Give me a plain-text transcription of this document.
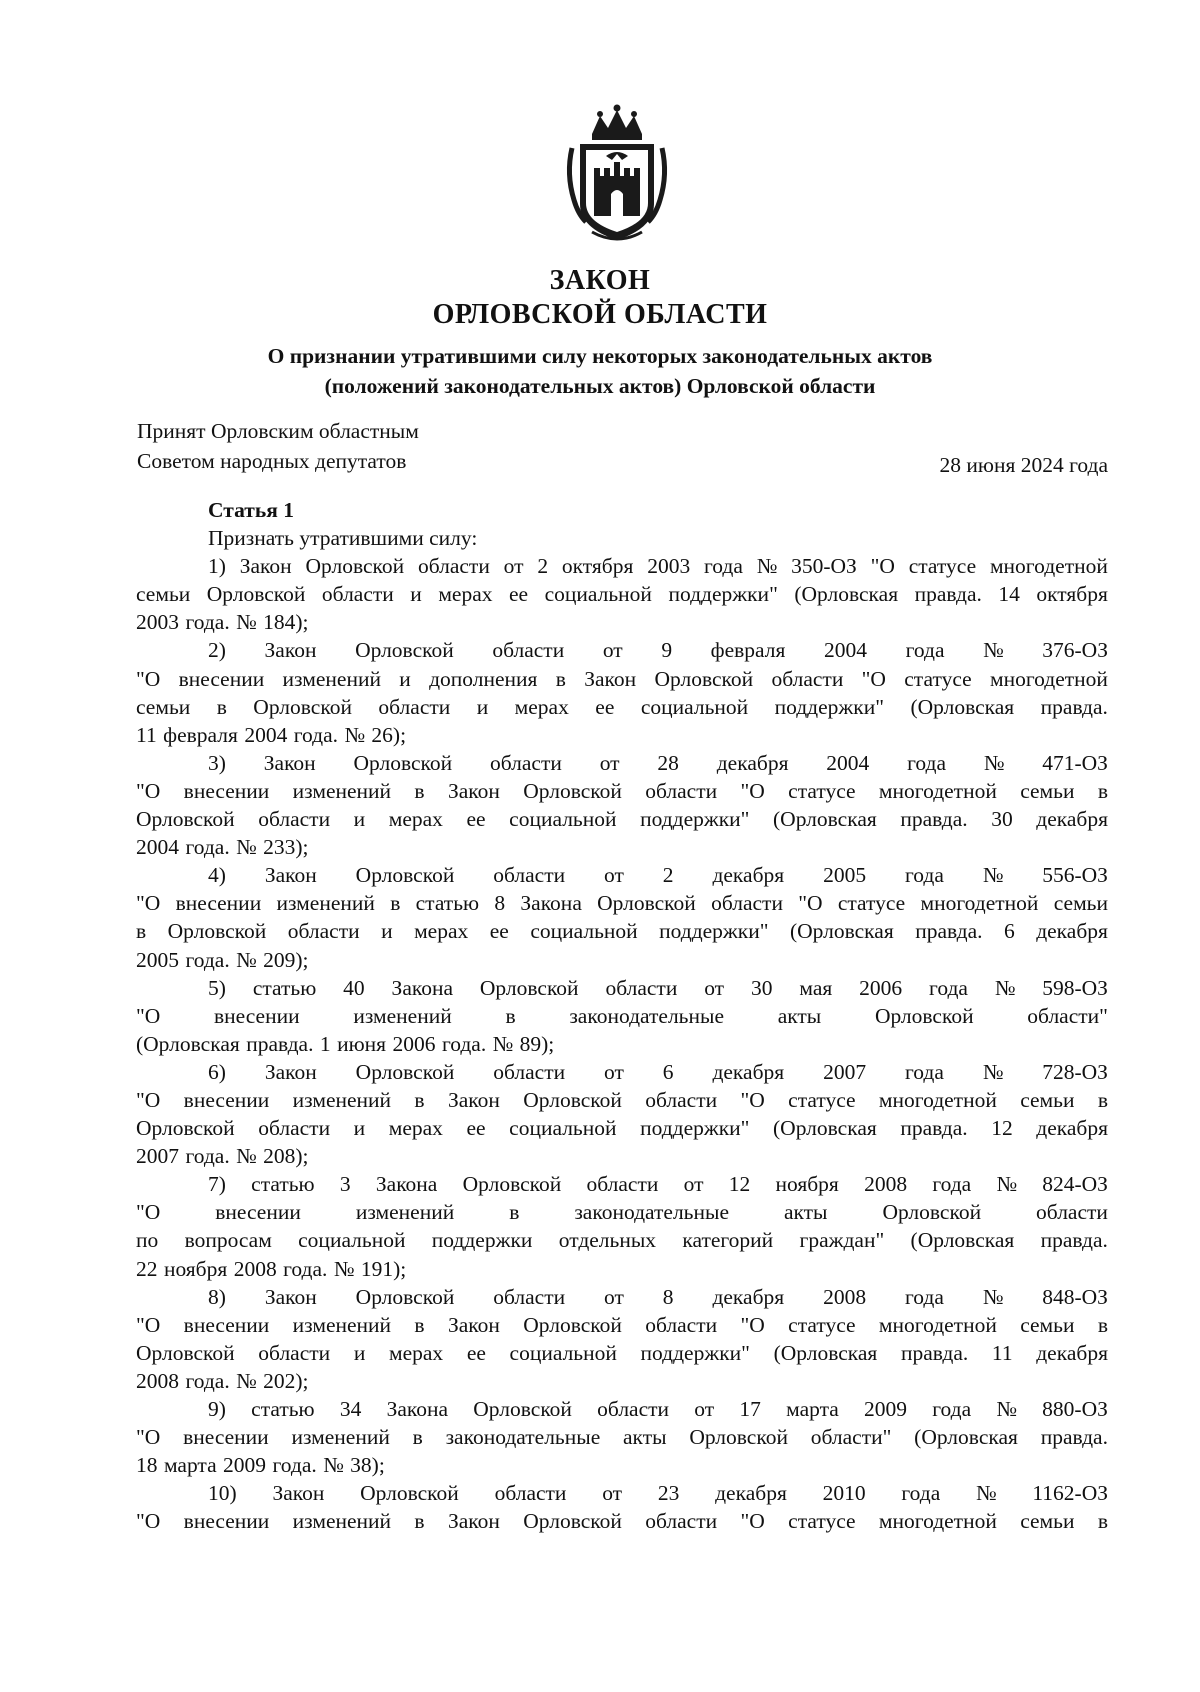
ЗАКОН
ОРЛОВСКОЙ ОБЛАСТИ
О признании утратившими силу некоторых законодательных актов
(положений законодательных актов) Орловской области
Принят Орловским областным
Советом народных депутатов	28 июня 2024 года
Статья 1
Признать утратившими силу:
1) Закон Орловской области от 2 октября 2003 года № 350-ОЗ "О статусе многодетной
семьи Орловской области и мерах ее социальной поддержки" (Орловская правда. 14 октября
2003 года. № 184);
2) Закон Орловской области от 9 февраля 2004 года № 376-ОЗ
"О внесении изменений и дополнения в Закон Орловской области "О статусе многодетной
семьи в Орловской области и мерах ее социальной поддержки" (Орловская правда.
11 февраля 2004 года. № 26);
3) Закон Орловской области от 28 декабря 2004 года № 471-ОЗ
"О внесении изменений в Закон Орловской области "О статусе многодетной семьи в
Орловской области и мерах ее социальной поддержки" (Орловская правда. 30 декабря
2004 года. № 233);
4) Закон Орловской области от 2 декабря 2005 года № 556-ОЗ
"О внесении изменений в статью 8 Закона Орловской области "О статусе многодетной семьи
в Орловской области и мерах ее социальной поддержки" (Орловская правда. 6 декабря
2005 года. № 209);
5) статью 40 Закона Орловской области от 30 мая 2006 года № 598-ОЗ
"О внесении изменений в законодательные акты Орловской области"
(Орловская правда. 1 июня 2006 года. № 89);
6) Закон Орловской области от 6 декабря 2007 года № 728-ОЗ
"О внесении изменений в Закон Орловской области "О статусе многодетной семьи в
Орловской области и мерах ее социальной поддержки" (Орловская правда. 12 декабря
2007 года. № 208);
7) статью 3 Закона Орловской области от 12 ноября 2008 года № 824-ОЗ
"О	внесении	изменений	в	законодательные	акты	Орловской	области
по вопросам социальной поддержки отдельных категорий граждан" (Орловская правда.
22 ноября 2008 года. № 191);
8) Закон Орловской области от 8 декабря 2008 года № 848-ОЗ
"О внесении изменений в Закон Орловской области "О статусе многодетной семьи в
Орловской области и мерах ее социальной поддержки" (Орловская правда. 11 декабря
2008 года. № 202);
9) статью 34 Закона Орловской области от 17 марта 2009 года № 880-ОЗ
"О внесении изменений в законодательные акты Орловской области" (Орловская правда.
18 марта 2009 года. № 38);
10) Закон Орловской области от 23 декабря 2010 года № 1162-ОЗ
"О внесении изменений в Закон Орловской области "О статусе многодетной семьи в
